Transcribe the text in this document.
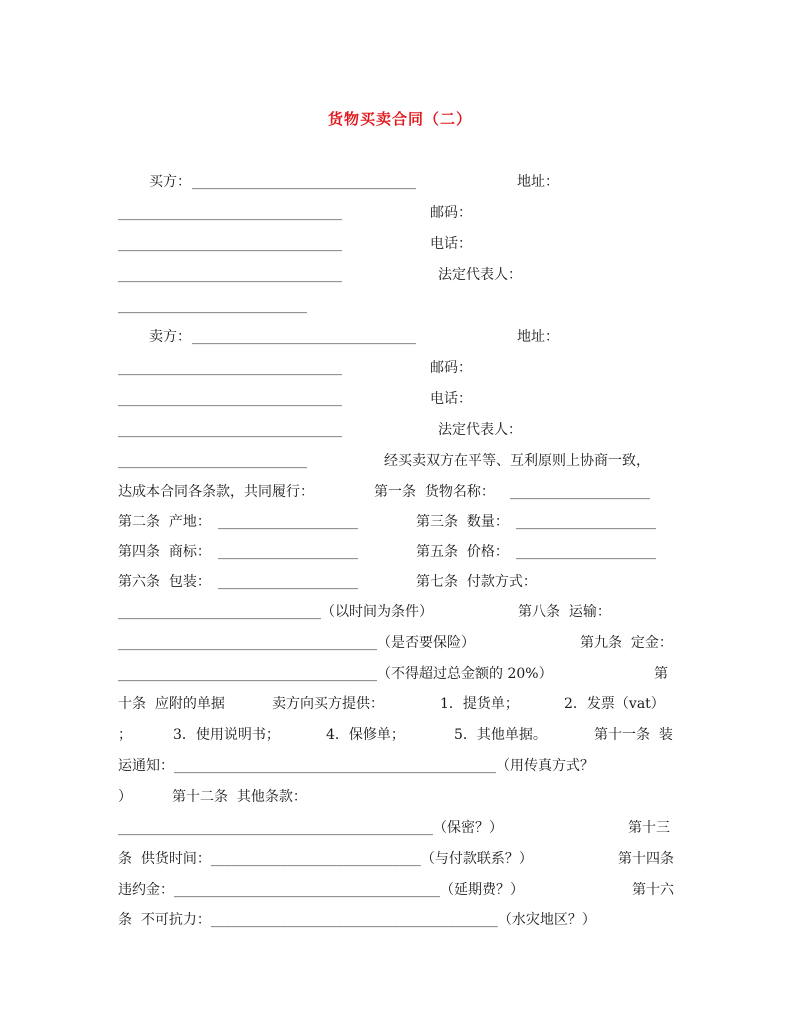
货物买卖合同（二）
买方： ________________________________	地址：
________________________________	邮码：
________________________________	电话：
________________________________	法定代表人：
___________________________
卖方： ________________________________	地址：
________________________________	邮码：
________________________________	电话：
________________________________	法定代表人：
___________________________	经买卖双方在平等、互利原则上协商一致，
达成本合同各条款，共同履行：	第一条  货物名称： ____________________
第二条  产地： ____________________	第三条  数量： ____________________
第四条  商标： ____________________	第五条  价格： ____________________
第六条  包装： ____________________	第七条  付款方式：
_____________________________（以时间为条件）	第八条  运输：
_____________________________________（是否要保险）	第九条  定金：
_____________________________________（不得超过总金额的 20%）	第
十条  应附的单据	卖方向买方提供：	1．提货单；	2．发票（vat）
；	3．使用说明书；	4．保修单；	5．其他单据。	第十一条  装
运通知：______________________________________________（用传真方式？
）	第十二条  其他条款：
_____________________________________________（保密？）	第十三
条  供货时间：______________________________（与付款联系？）	第十四条
违约金：______________________________________（延期费？）	第十六
条  不可抗力：_________________________________________（水灾地区？）
